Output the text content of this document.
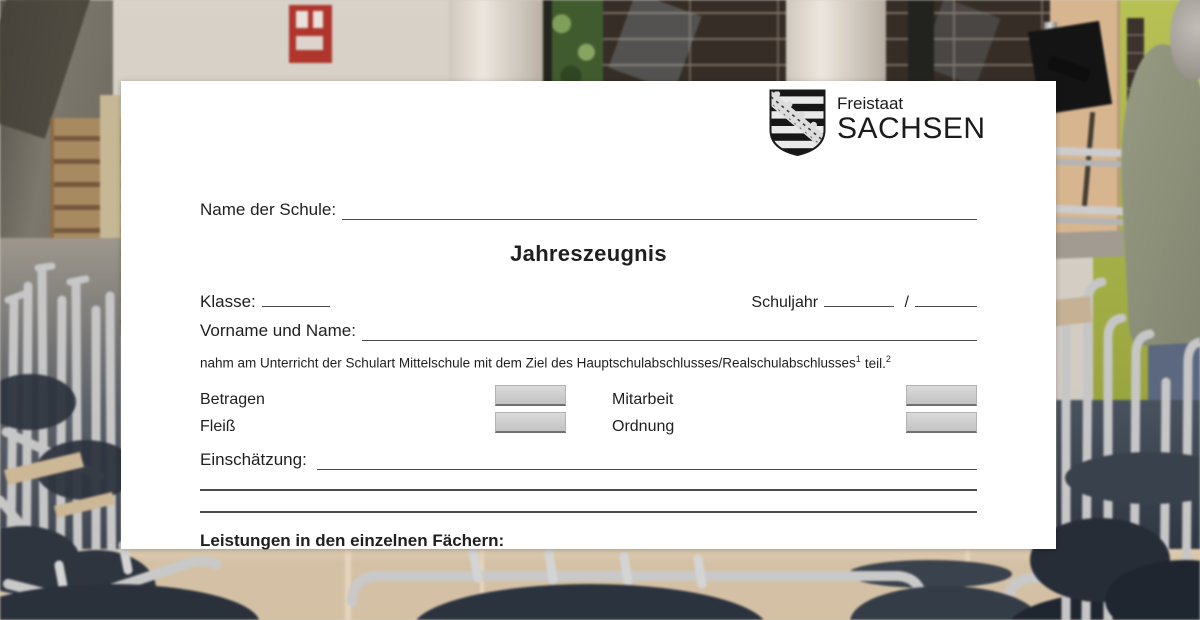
Freistaat
SACHSEN
Name der Schule:
Jahreszeugnis
Klasse:	Schuljahr	/
Vorname und Name:

nahm am Unterricht der Schulart Mittelschule mit dem Ziel des Hauptschulabschlusses/Realschulabschlusses$^1$ teil.$^2$

Betragen	Mitarbeit
Fleiß	Ordnung
Einschätzung:
Leistungen in den einzelnen Fächern:
